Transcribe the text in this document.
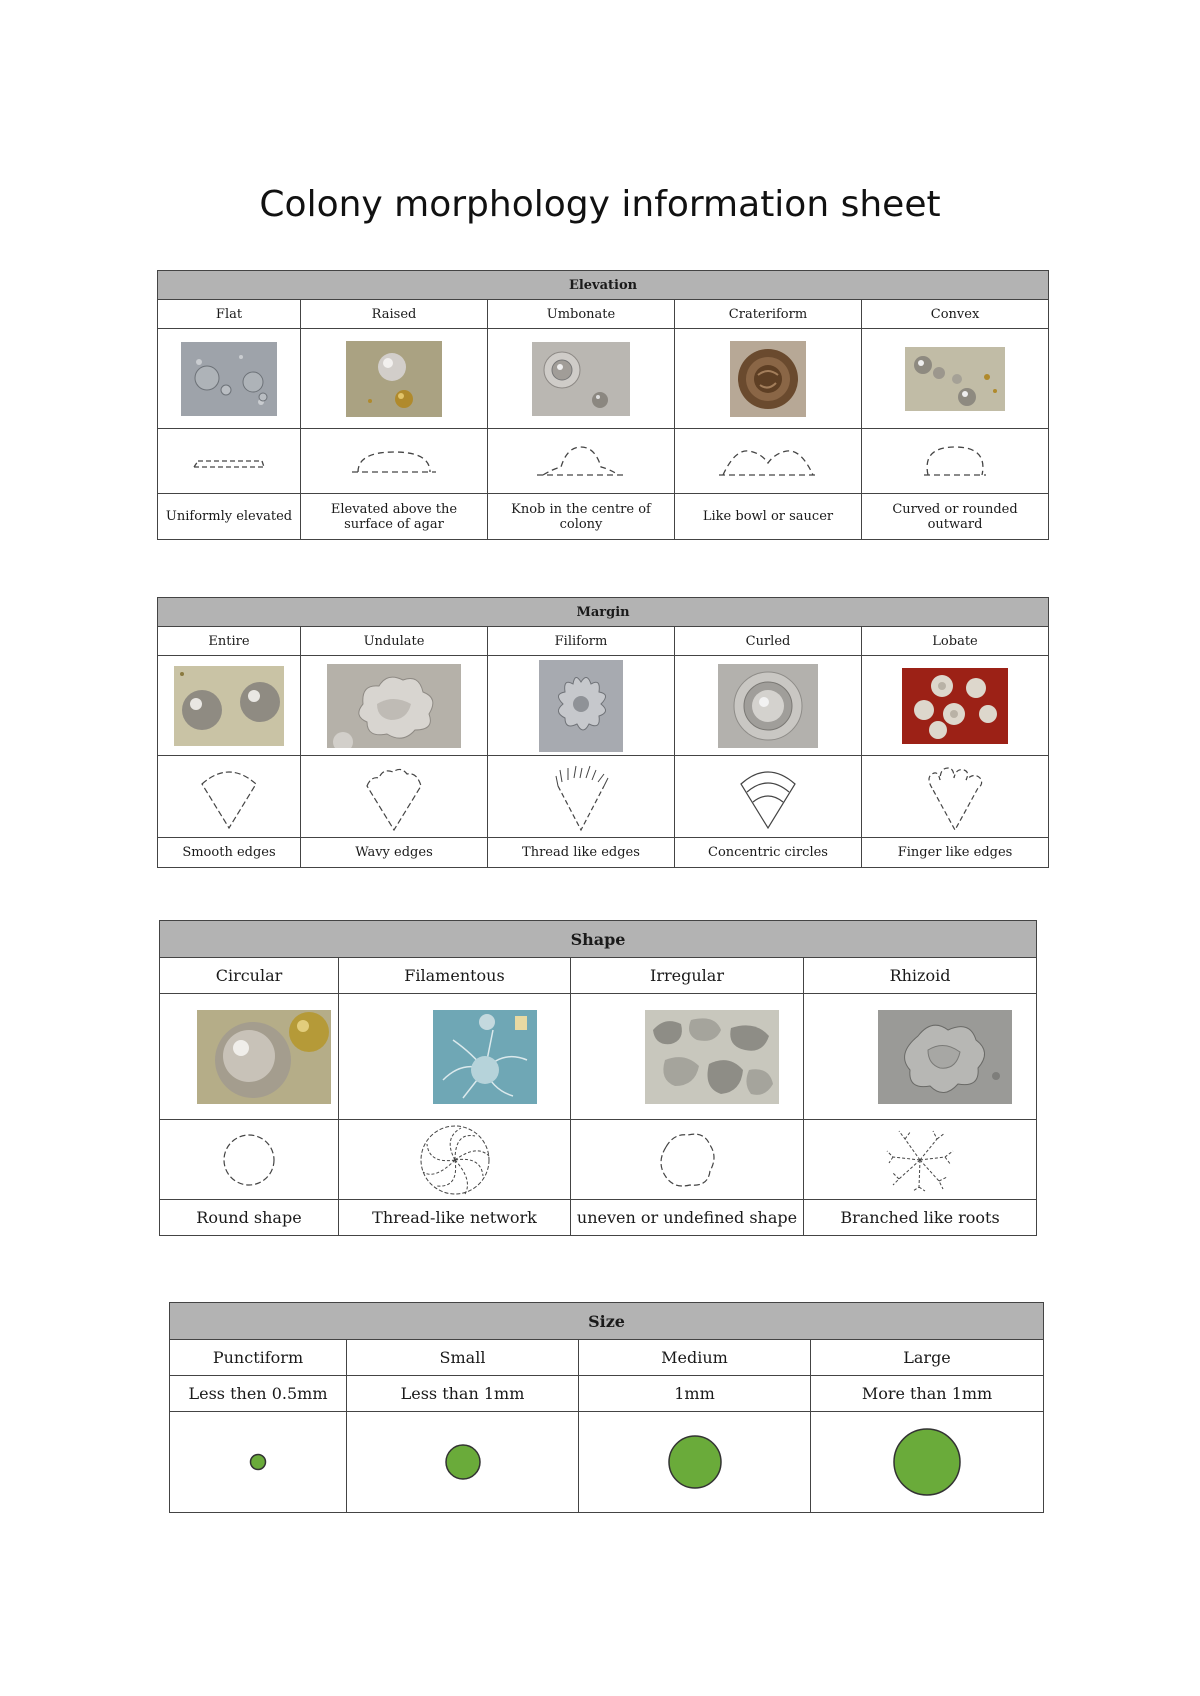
Colony morphology information sheet
Elevation				
Flat	Raised	Umbonate	Crateriform	Convex

Uniformly elevated	Elevated above the surface of agar	Knob in the centre of colony	Like bowl or saucer	Curved or rounded outward
Margin				
Entire	Undulate	Filiform	Curled	Lobate

Smooth edges	Wavy edges	Thread like edges	Concentric circles	Finger like edges
Shape			
Circular	Filamentous	Irregular	Rhizoid

Round shape	Thread-like network	uneven or undefined shape	Branched like roots
Size			
Punctiform	Small	Medium	Large
Less then 0.5mm	Less than 1mm	1mm	More than 1mm
